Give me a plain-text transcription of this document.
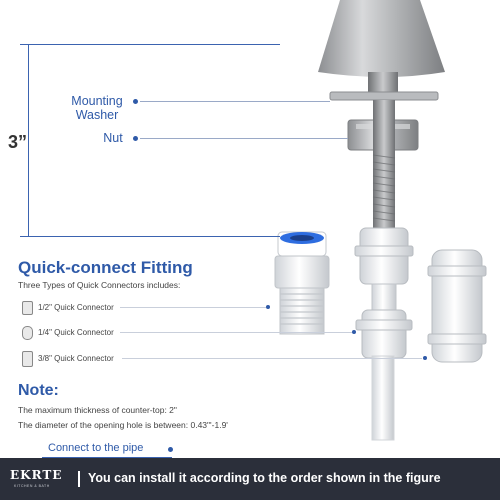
3”
Mounting
Washer
Nut
Quick-connect Fitting
Three Types of Quick Connectors includes:
1/2" Quick Connector
1/4" Quick Connector
3/8" Quick Connector
Note:
The maximum thickness of counter-top: 2"
The diameter of the opening hole is between: 0.43"'-1.9'
Connect to the pipe
EKRTE
KITCHEN & BATH
You can install it according to the order shown in the figure
